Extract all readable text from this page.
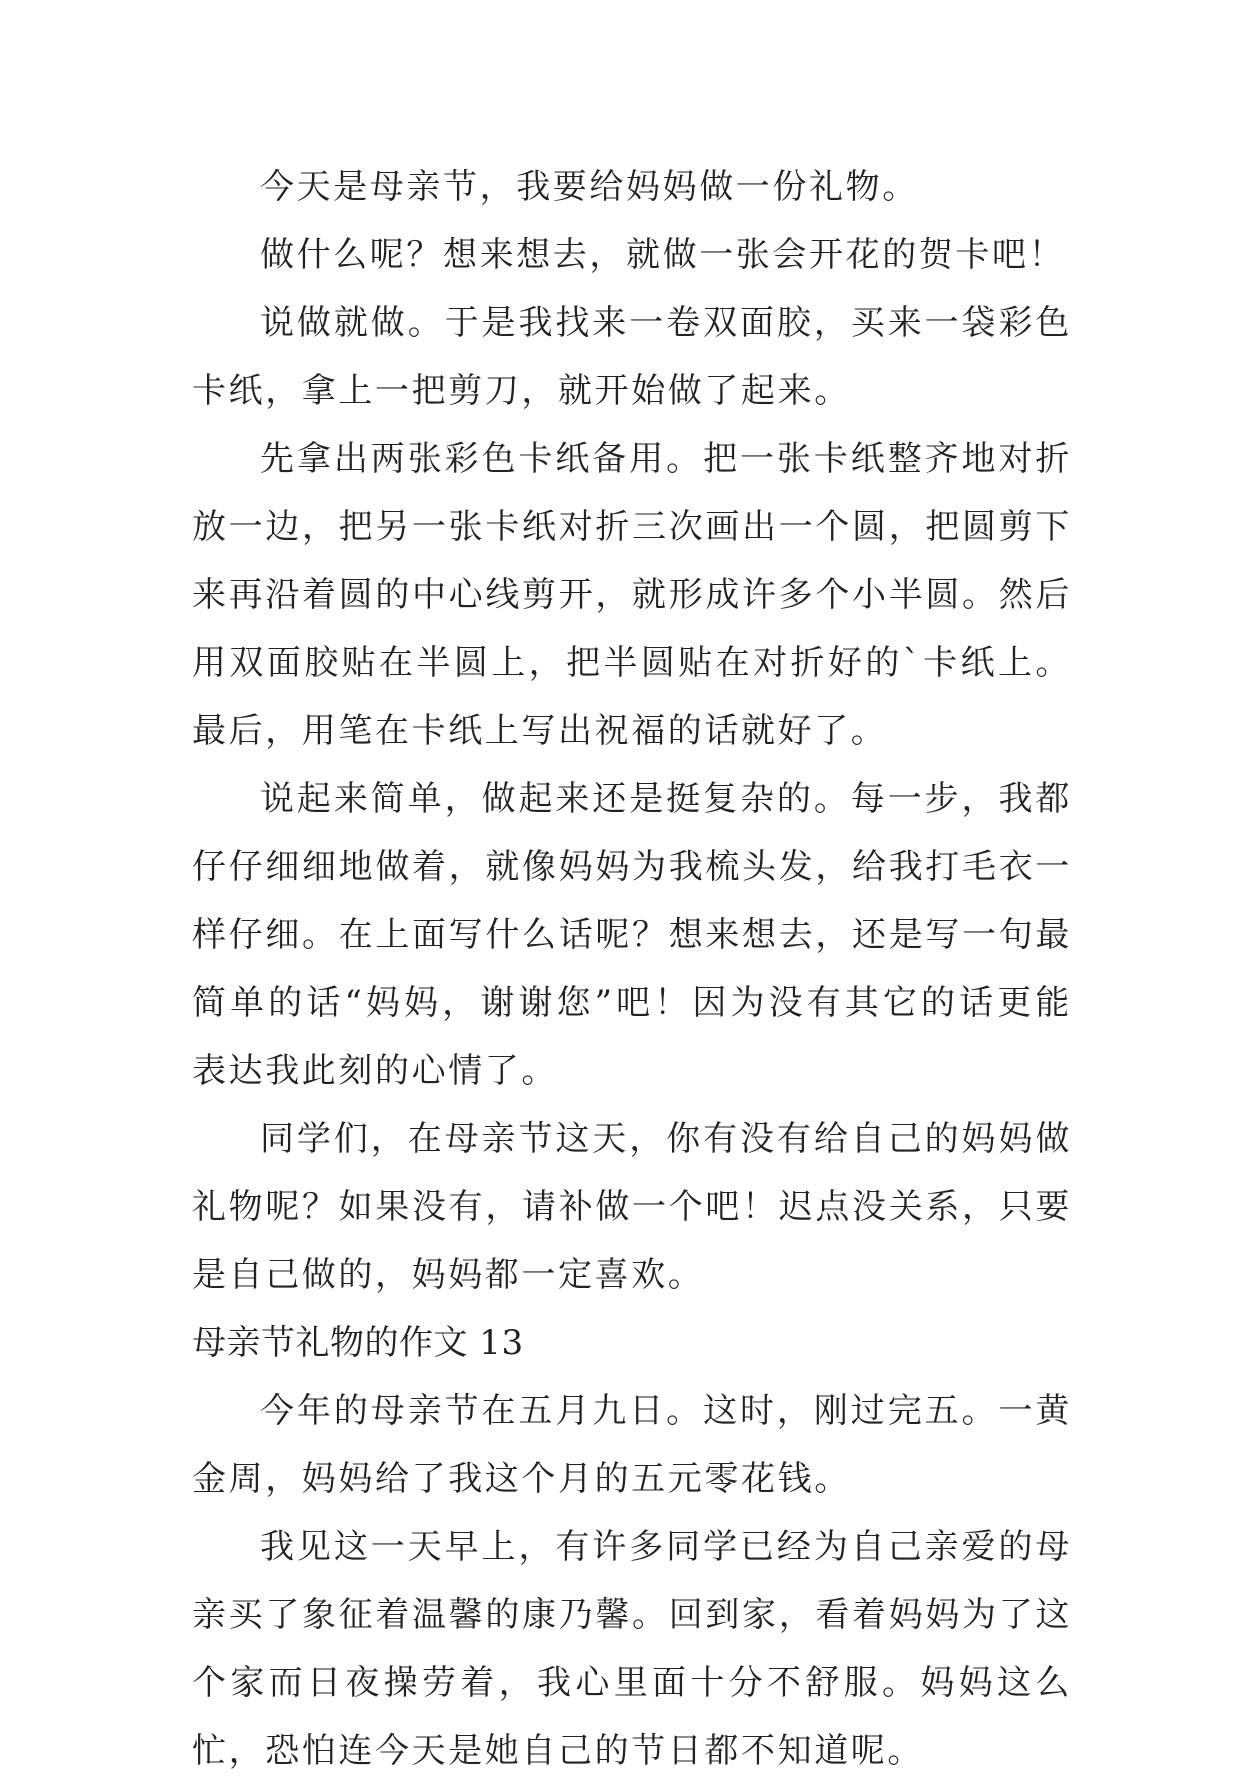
今天是母亲节，我要给妈妈做一份礼物。

做什么呢？想来想去，就做一张会开花的贺卡吧！

说做就做。于是我找来一卷双面胶，买来一袋彩色卡纸，拿上一把剪刀，就开始做了起来。

先拿出两张彩色卡纸备用。把一张卡纸整齐地对折放一边，把另一张卡纸对折三次画出一个圆，把圆剪下来再沿着圆的中心线剪开，就形成许多个小半圆。然后用双面胶贴在半圆上，把半圆贴在对折好的`卡纸上。最后，用笔在卡纸上写出祝福的话就好了。

说起来简单，做起来还是挺复杂的。每一步，我都仔仔细细地做着，就像妈妈为我梳头发，给我打毛衣一样仔细。在上面写什么话呢？想来想去，还是写一句最简单的话“妈妈，谢谢您”吧！因为没有其它的话更能表达我此刻的心情了。

同学们，在母亲节这天，你有没有给自己的妈妈做礼物呢？如果没有，请补做一个吧！迟点没关系，只要是自己做的，妈妈都一定喜欢。

母亲节礼物的作文 13

今年的母亲节在五月九日。这时，刚过完五。一黄金周，妈妈给了我这个月的五元零花钱。

我见这一天早上，有许多同学已经为自己亲爱的母亲买了象征着温馨的康乃馨。回到家，看着妈妈为了这个家而日夜操劳着，我心里面十分不舒服。妈妈这么忙，恐怕连今天是她自己的节日都不知道呢。
